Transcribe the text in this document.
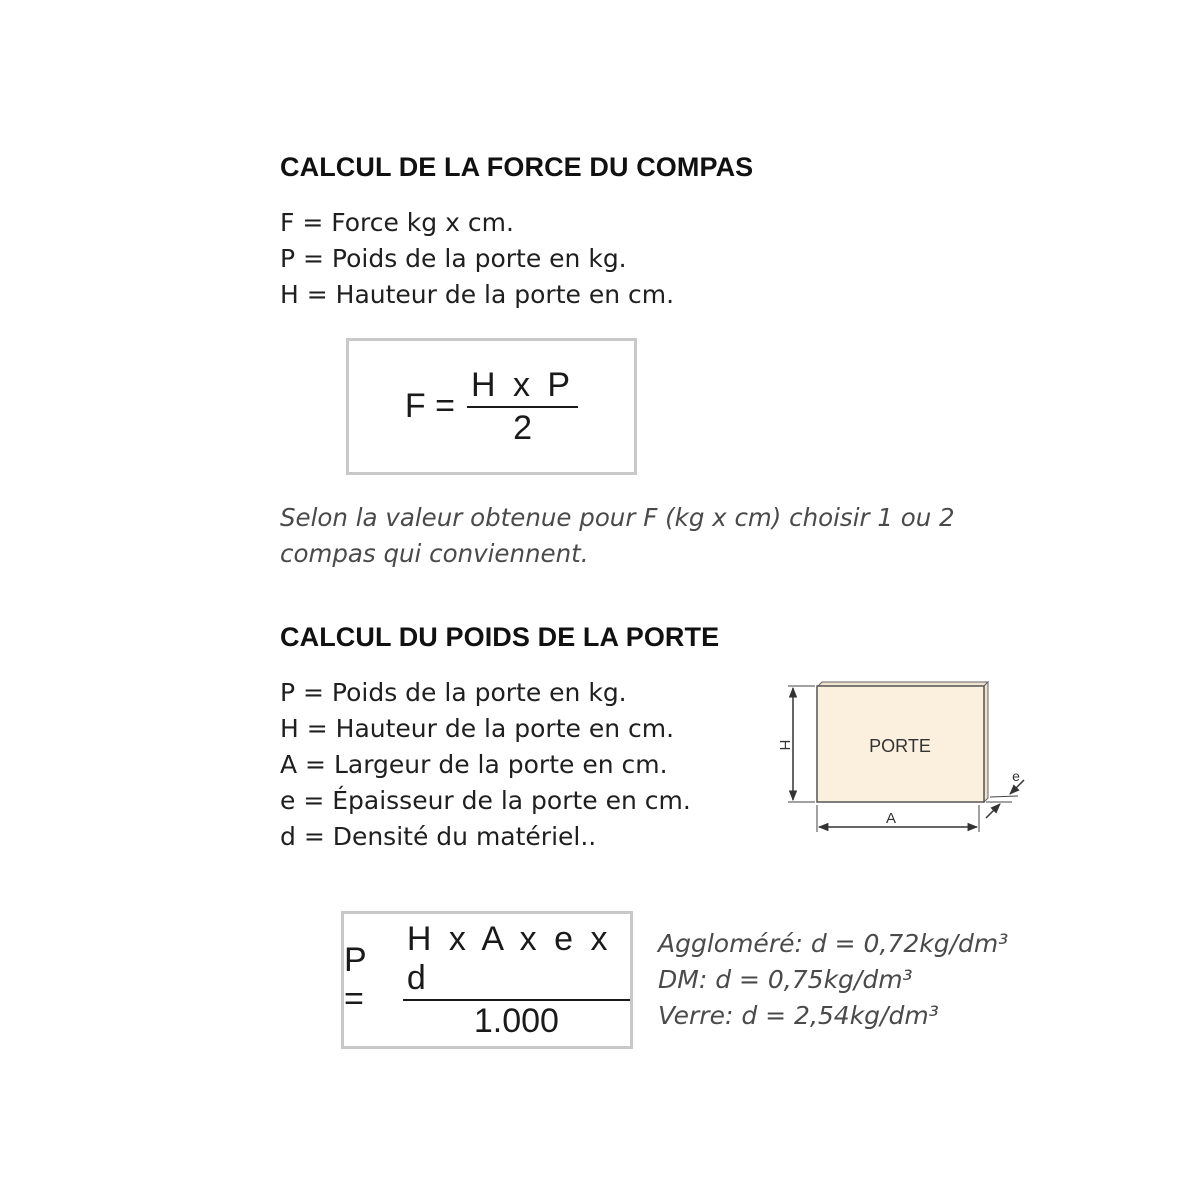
CALCUL DE LA FORCE DU COMPAS
F = Force kg x cm.
P = Poids de la porte en kg.
H = Hauteur de la porte en cm.
$F = \frac{\text{H x P}}{2}$

Selon la valeur obtenue pour F (kg x cm) choisir 1 ou 2
compas qui conviennent.

CALCUL DU POIDS DE LA PORTE
P = Poids de la porte en kg.
H = Hauteur de la porte en cm.
A = Largeur de la porte en cm.
e = Épaisseur de la porte en cm.
d = Densité du matériel..
PORTE
H
A
e
P =	$\frac{\text{H x A x e x d}}{1.000}$ Aggloméré: d = 0,72kg/dm³
DM: d = 0,75kg/dm³
Verre: d = 2,54kg/dm³
